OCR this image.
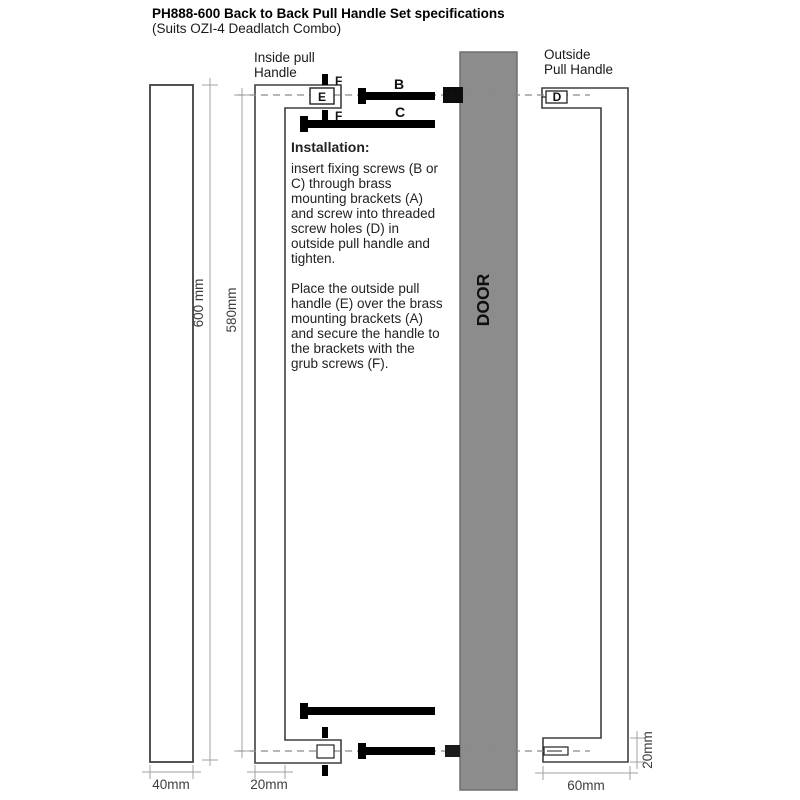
B
C
F
F
E	A	D
DOOR
600 mm 580mm
20mm
40mm	20mm	60mm
PH888-600 Back to Back Pull Handle Set specifications
(Suits OZI-4 Deadlatch Combo)
Inside pull
Handle
Outside
Pull Handle
Installation:

insert fixing screws (B or C) through brass mounting brackets (A) and screw into threaded screw holes (D) in outside pull handle and tighten.

Place the outside pull handle (E) over the brass mounting brackets (A) and secure the handle to the brackets with the grub screws (F).
